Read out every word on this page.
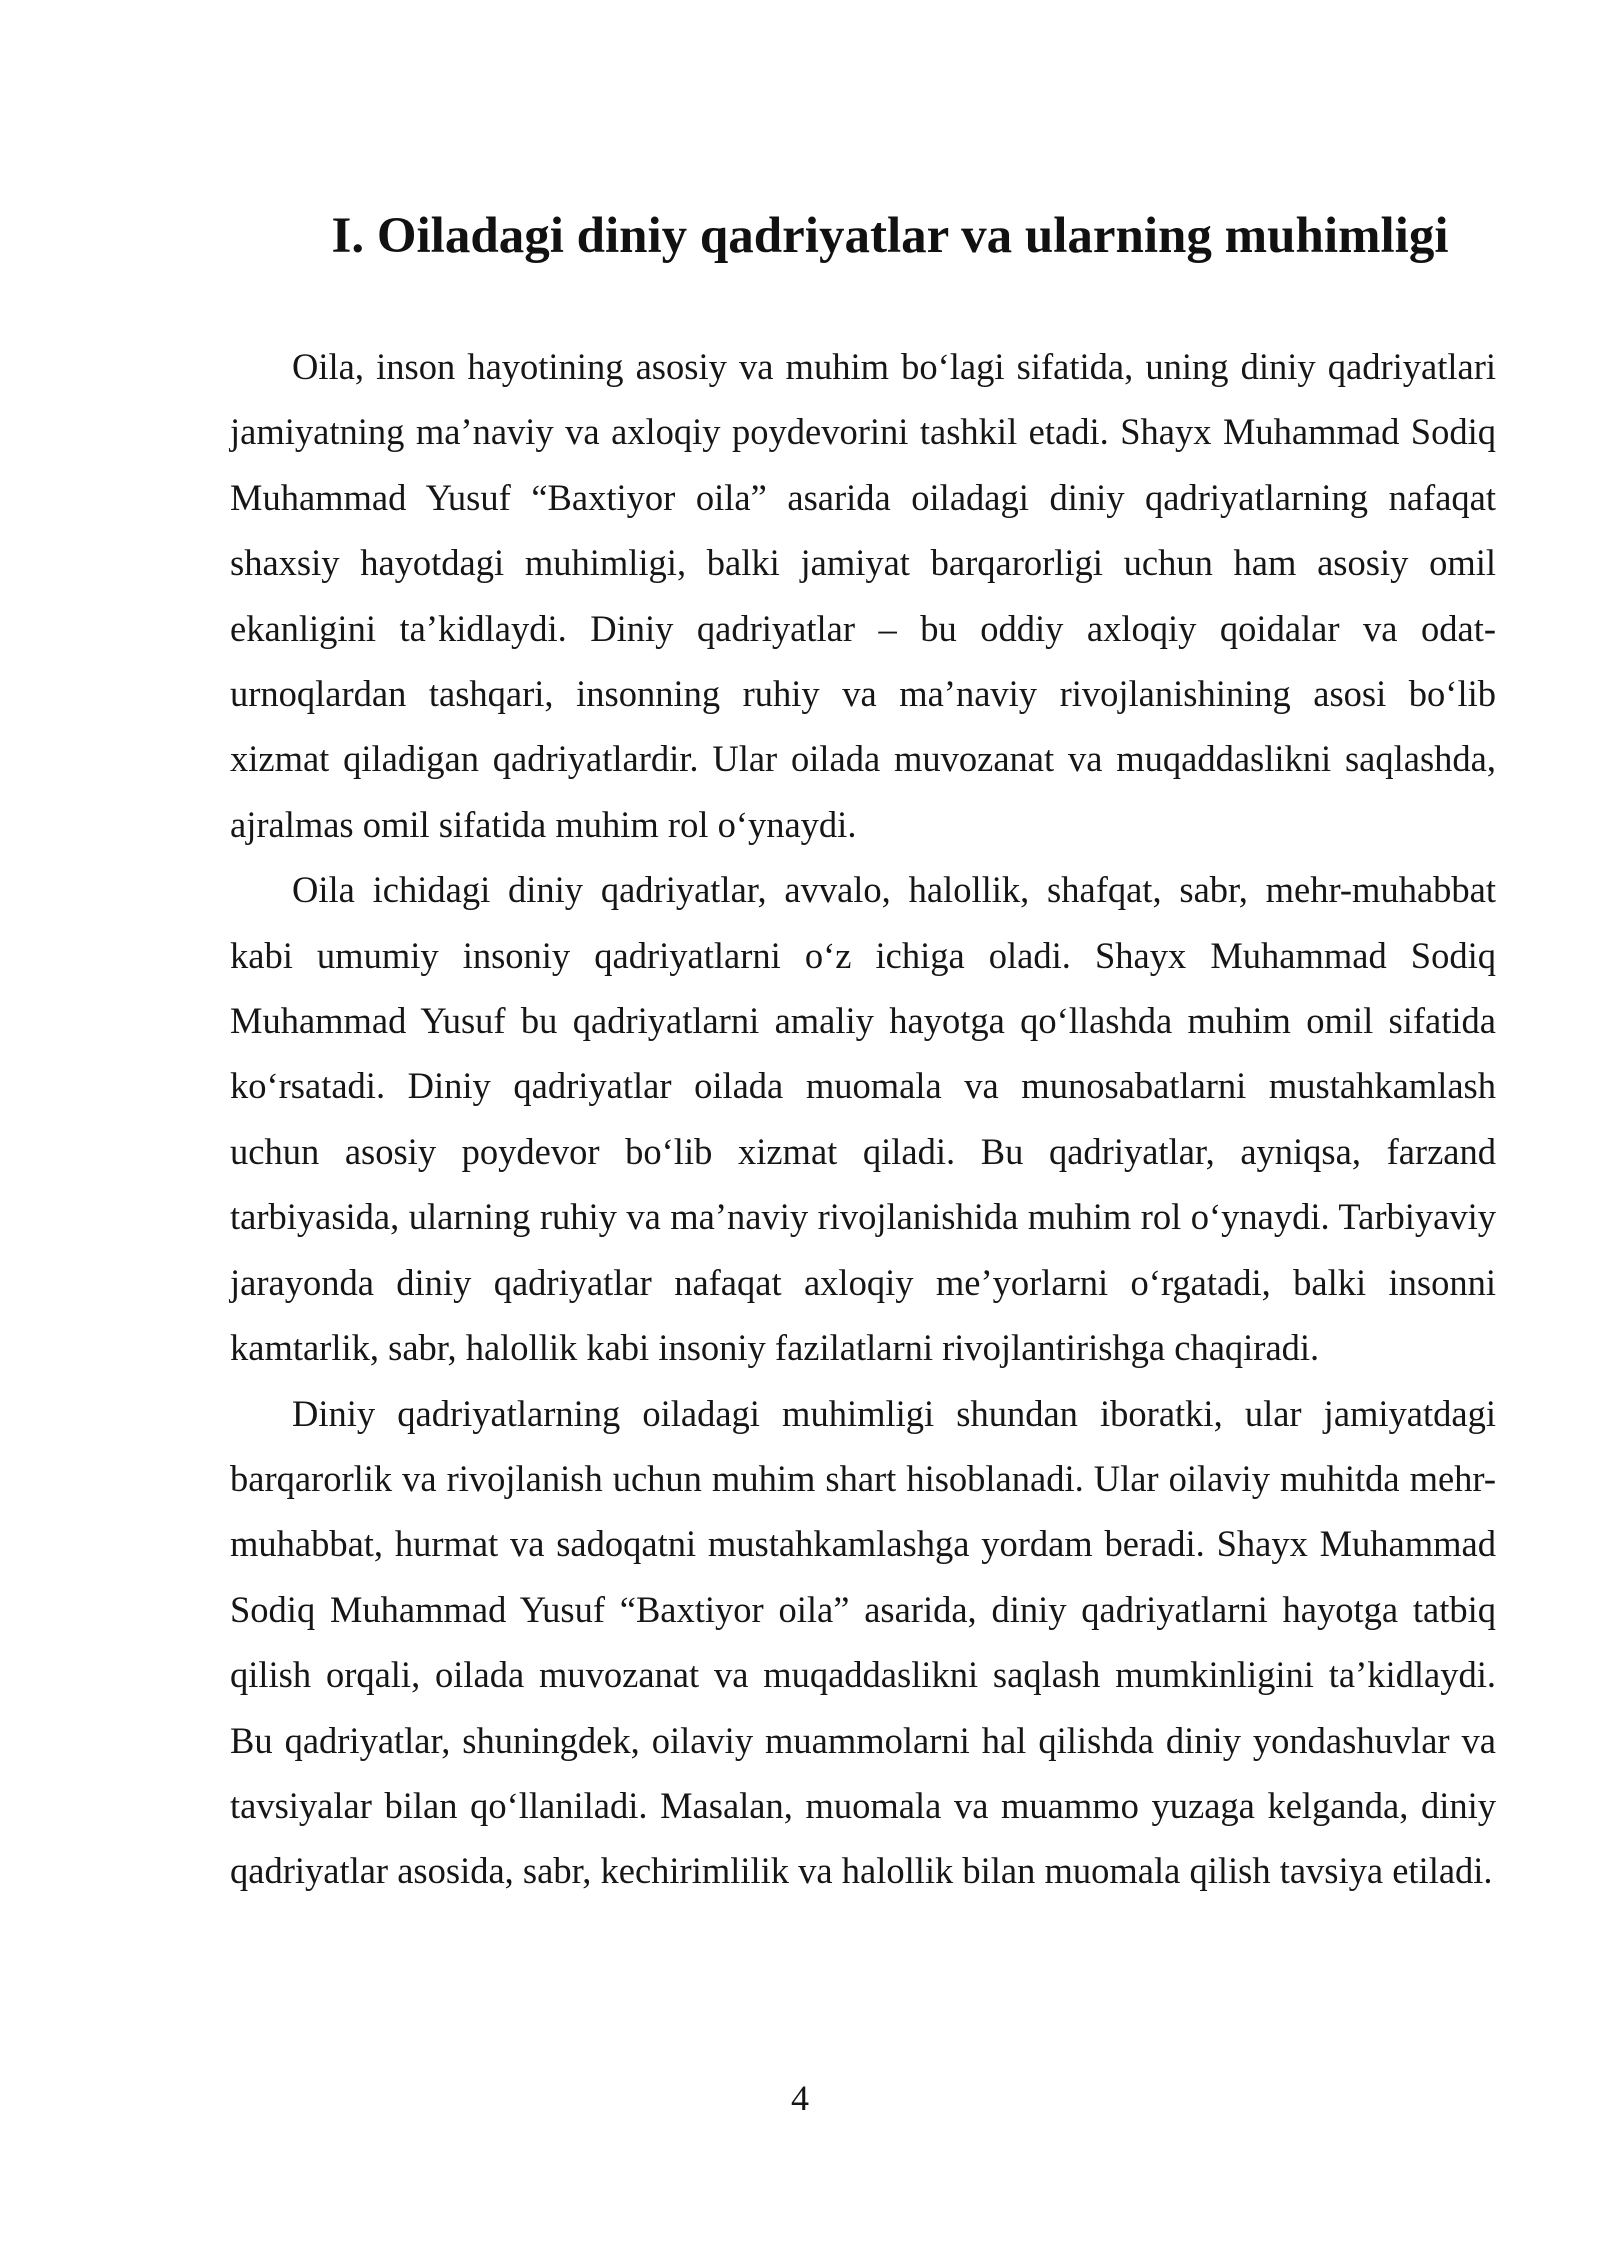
I. Oiladagi diniy qadriyatlar va ularning muhimligi

Oila, inson hayotining asosiy va muhim bo‘lagi sifatida, uning diniy qadriyatlari jamiyatning ma’naviy va axloqiy poydevorini tashkil etadi. Shayx Muhammad Sodiq Muhammad Yusuf “Baxtiyor oila” asarida oiladagi diniy qadriyatlarning nafaqat shaxsiy hayotdagi muhimligi, balki jamiyat barqarorligi uchun ham asosiy omil ekanligini ta’kidlaydi. Diniy qadriyatlar – bu oddiy axloqiy qoidalar va odat-urnoqlardan tashqari, insonning ruhiy va ma’naviy rivojlanishining asosi bo‘lib xizmat qiladigan qadriyatlardir. Ular oilada muvozanat va muqaddaslikni saqlashda, ajralmas omil sifatida muhim rol o‘ynaydi.

Oila ichidagi diniy qadriyatlar, avvalo, halollik, shafqat, sabr, mehr-muhabbat kabi umumiy insoniy qadriyatlarni o‘z ichiga oladi. Shayx Muhammad Sodiq Muhammad Yusuf bu qadriyatlarni amaliy hayotga qo‘llashda muhim omil sifatida ko‘rsatadi. Diniy qadriyatlar oilada muomala va munosabatlarni mustahkamlash uchun asosiy poydevor bo‘lib xizmat qiladi. Bu qadriyatlar, ayniqsa, farzand tarbiyasida, ularning ruhiy va ma’naviy rivojlanishida muhim rol o‘ynaydi. Tarbiyaviy jarayonda diniy qadriyatlar nafaqat axloqiy me’yorlarni o‘rgatadi, balki insonni kamtarlik, sabr, halollik kabi insoniy fazilatlarni rivojlantirishga chaqiradi.

Diniy qadriyatlarning oiladagi muhimligi shundan iboratki, ular jamiyatdagi barqarorlik va rivojlanish uchun muhim shart hisoblanadi. Ular oilaviy muhitda mehr-muhabbat, hurmat va sadoqatni mustahkamlashga yordam beradi. Shayx Muhammad Sodiq Muhammad Yusuf “Baxtiyor oila” asarida, diniy qadriyatlarni hayotga tatbiq qilish orqali, oilada muvozanat va muqaddaslikni saqlash mumkinligini ta’kidlaydi. Bu qadriyatlar, shuningdek, oilaviy muammolarni hal qilishda diniy yondashuvlar va tavsiyalar bilan qo‘llaniladi. Masalan, muomala va muammo yuzaga kelganda, diniy qadriyatlar asosida, sabr, kechirimlilik va halollik bilan muomala qilish tavsiya etiladi.

4
